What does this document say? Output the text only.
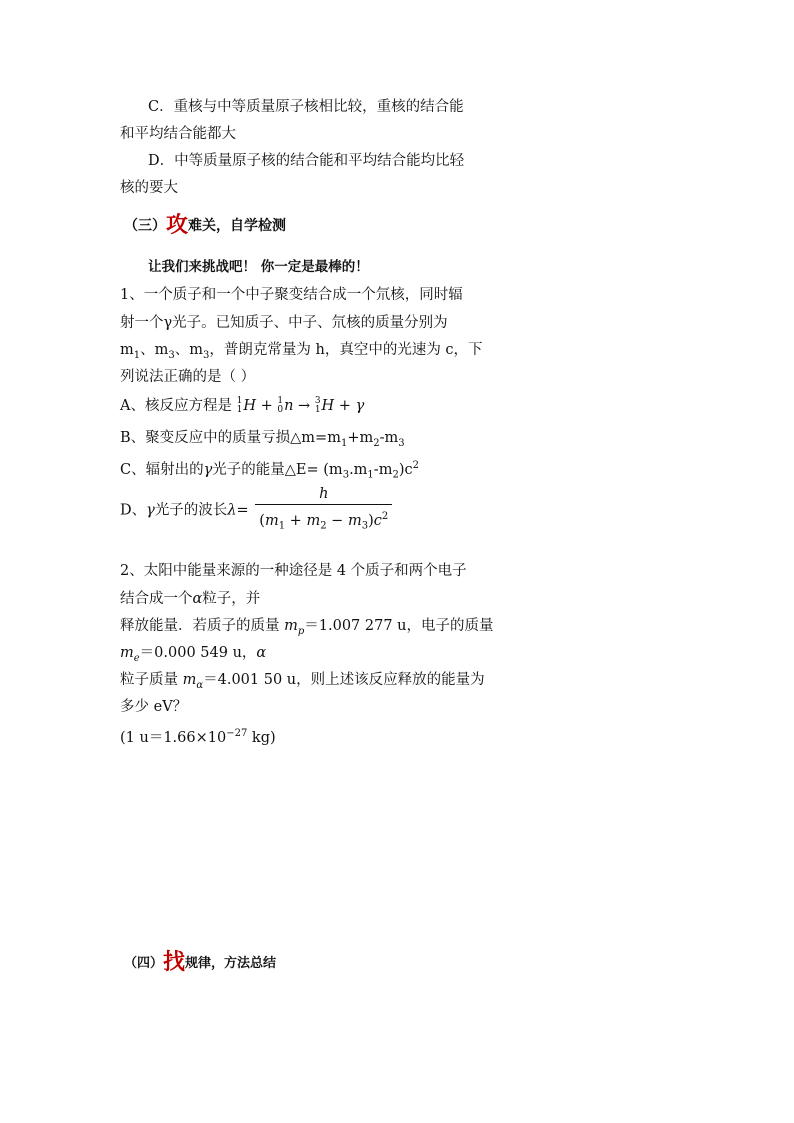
C．重核与中等质量原子核相比较，重核的结合能
和平均结合能都大
D．中等质量原子核的结合能和平均结合能均比轻
核的要大
（三）攻难关，自学检测
让我们来挑战吧！ 你一定是最棒的！
1、一个质子和一个中子聚变结合成一个氘核，同时辐
射一个γ光子。已知质子、中子、氘核的质量分别为
$m_1$、$m_3$、$m_3$，普朗克常量为 h，真空中的光速为 c，下
列说法正确的是（ ）
A、核反应方程是 1
1 H + 1
0 n → 3
1 H + γ
B、聚变反应中的质量亏损$\triangle m=m_1+m_2-m_3$
C、辐射出的γ光子的能量△E= $(m_3.m_1-m_2)c^2$
D、γ光子的波长$\lambda= \frac{h}{(m_1 + m_2 - m_3)c^2}$
2、太阳中能量来源的一种途径是 4 个质子和两个电子
结合成一个α粒子，并
释放能量．若质子的质量 $m_p=1.007$ 277 u，电子的质量
$m_e=0.000$ 549 u，α
粒子质量 $m_\alpha=4.001$ 50 u，则上述该反应释放的能量为
多少 eV？
(1 $u=1.66\times 10^{-27}$ kg)
（四）找规律，方法总结
